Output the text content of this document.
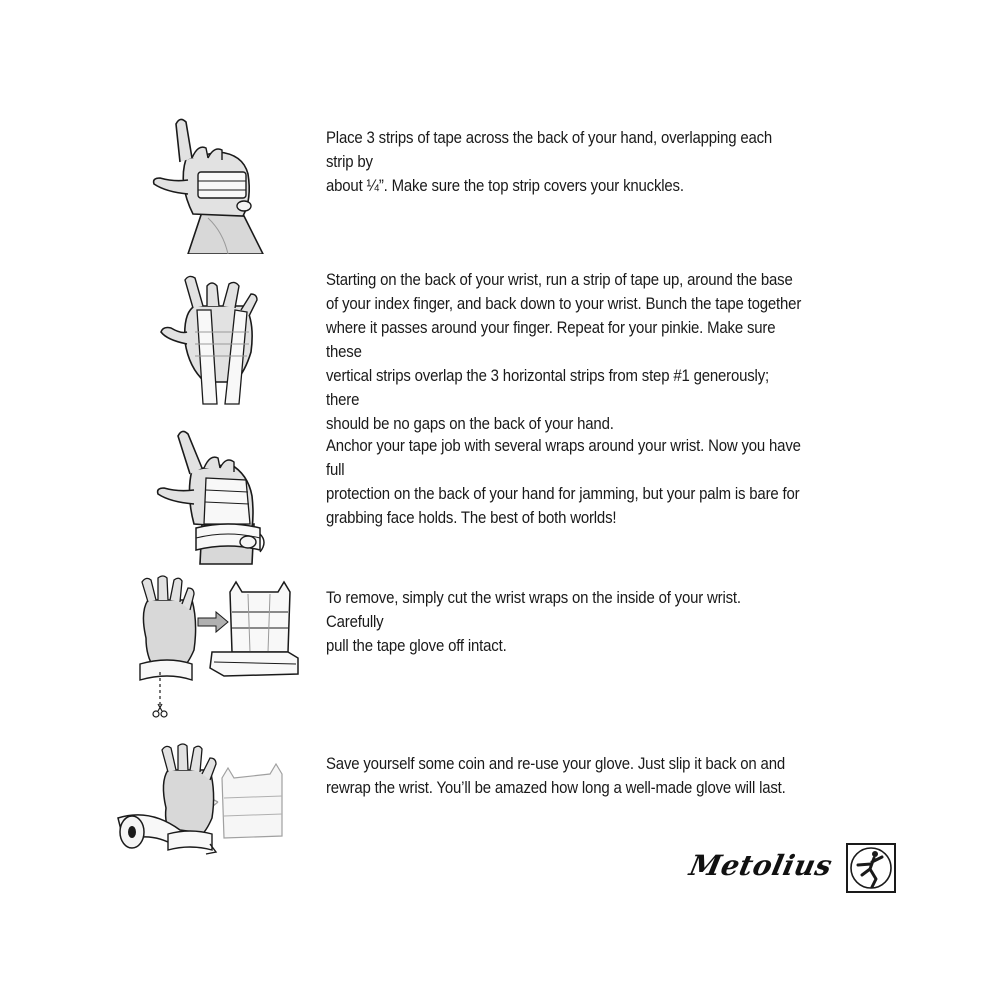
Place 3 strips of tape across the back of your hand, overlapping each strip by
about ¼”. Make sure the top strip covers your knuckles.

Starting on the back of your wrist, run a strip of tape up, around the base
of your index finger, and back down to your wrist. Bunch the tape together
where it passes around your finger. Repeat for your pinkie. Make sure these
vertical strips overlap the 3 horizontal strips from step #1 generously; there
should be no gaps on the back of your hand.

Anchor your tape job with several wraps around your wrist. Now you have full
protection on the back of your hand for jamming, but your palm is bare for
grabbing face holds. The best of both worlds!

To remove, simply cut the wrist wraps on the inside of your wrist. Carefully
pull the tape glove off intact.

Save yourself some coin and re-use your glove. Just slip it back on and
rewrap the wrist. You’ll be amazed how long a well-made glove will last.

Metolius
